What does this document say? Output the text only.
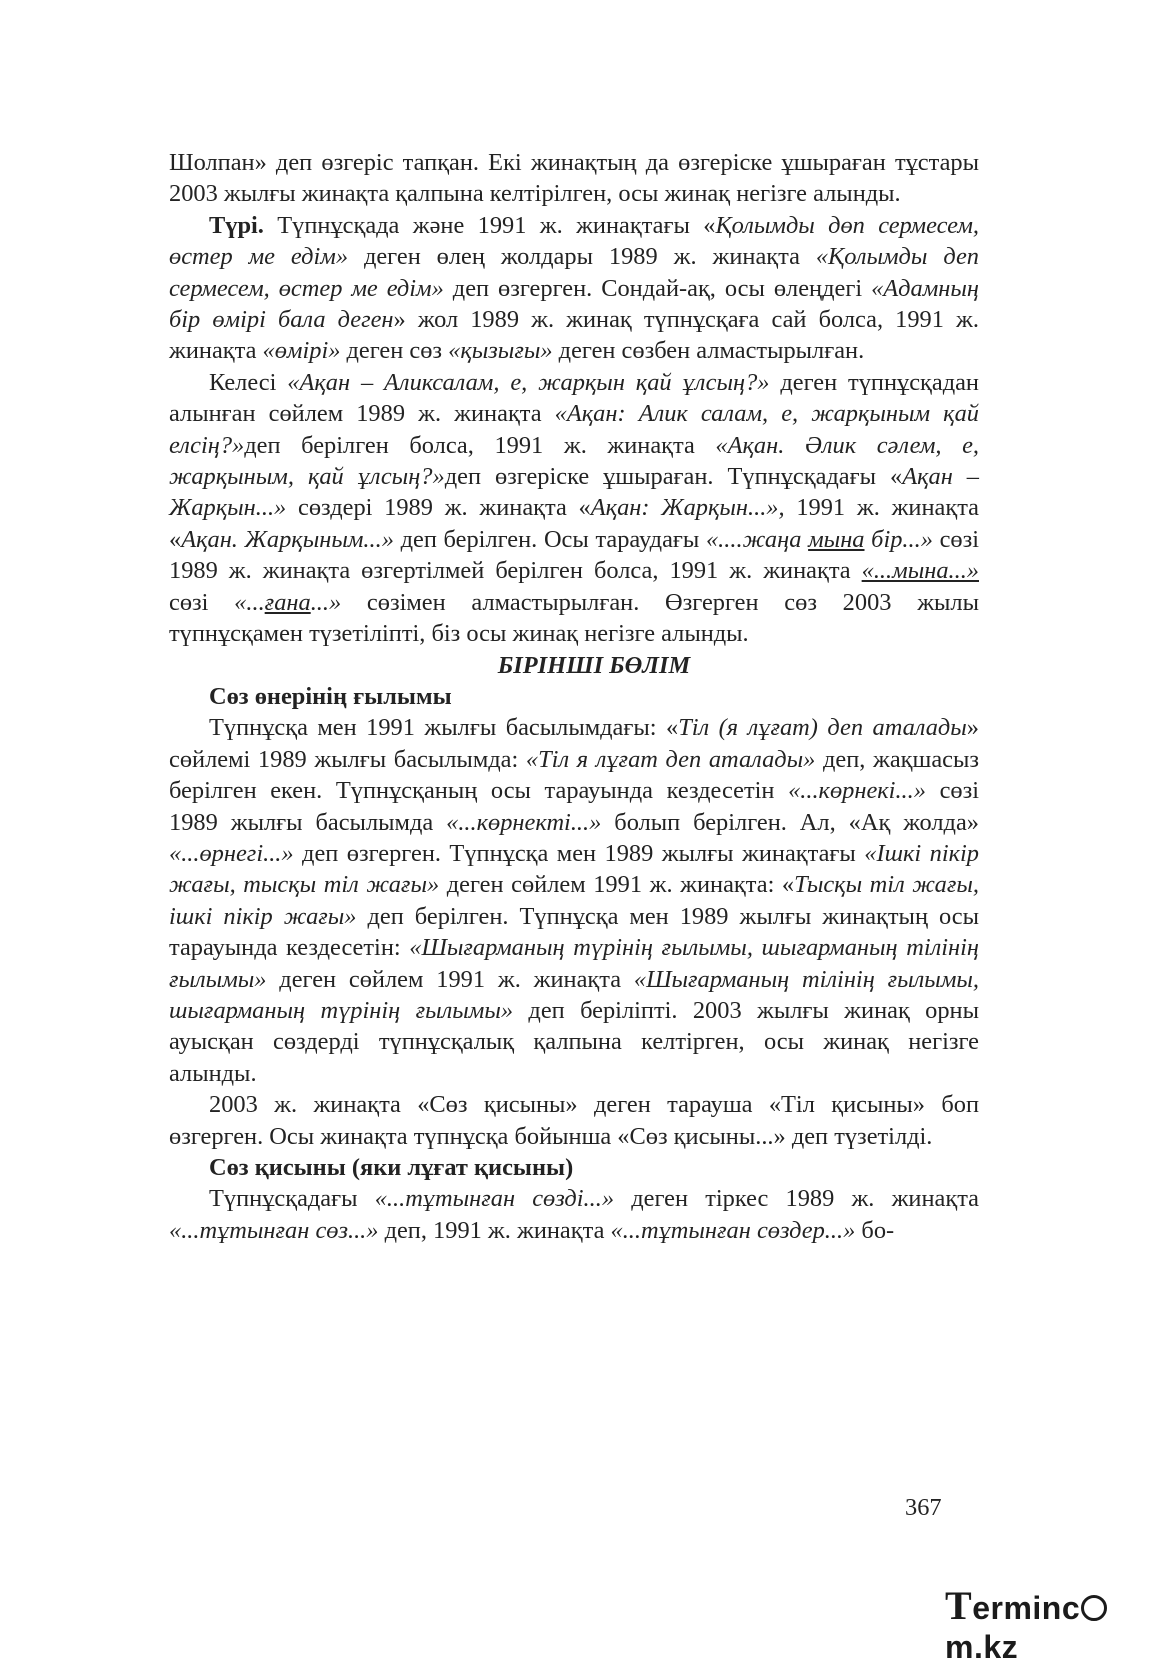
Шолпан» деп өзгеріс тапқан. Екі жинақтың да өзгеріске ұшыраған тұстары 2003 жылғы жинақта қалпына келтірілген, осы жинақ негізге алынды.

Түрі. Түпнұсқада және 1991 ж. жинақтағы «Қолымды дөп сермесем, өстер ме едім» деген өлең жолдары 1989 ж. жинақта «Қолымды деп сермесем, өстер ме едім» деп өзгерген. Сондай-ақ, осы өлеңдегі «Адамның бір өмірі бала деген» жол 1989 ж. жинақ түпнұсқаға сай болса, 1991 ж. жинақта «өмірі» деген сөз «қызығы» деген сөзбен алмастырылған.

Келесі «Ақан – Аликсалам, е, жарқын қай ұлсың?» деген түпнұсқадан алынған сөйлем 1989 ж. жинақта «Ақан: Алик салам, е, жарқыным қай елсің?»деп берілген болса, 1991 ж. жинақта «Ақан. Әлик сәлем, е, жарқыным, қай ұлсың?»деп өзгеріске ұшыраған. Түпнұсқадағы «Ақан – Жарқын...» сөздері 1989 ж. жинақта «Ақан: Жарқын...», 1991 ж. жинақта «Ақан. Жарқыным...» деп берілген. Осы тараудағы «....жаңа мына бір...» сөзі 1989 ж. жинақта өзгертілмей берілген болса, 1991 ж. жинақта «...мына...» сөзі «...ғана...» сөзімен алмастырылған. Өзгерген сөз 2003 жылы түпнұсқамен түзетіліпті, біз осы жинақ негізге алынды.

БІРІНШІ БӨЛІМ

Сөз өнерінің ғылымы

Түпнұсқа мен 1991 жылғы басылымдағы: «Тіл (я лұғат) деп аталады» сөйлемі 1989 жылғы басылымда: «Тіл я лұғат деп аталады» деп, жақшасыз берілген екен. Түпнұсқаның осы тарауында кездесетін «...көрнекі...» сөзі 1989 жылғы басылымда «...көрнекті...» болып берілген. Ал, «Ақ жолда» «...өрнегі...» деп өзгерген. Түпнұсқа мен 1989 жылғы жинақтағы «Ішкі пікір жағы, тысқы тіл жағы» деген сөйлем 1991 ж. жинақта: «Тысқы тіл жағы, ішкі пікір жағы» деп берілген. Түпнұсқа мен 1989 жылғы жинақтың осы тарауында кездесетін: «Шығарманың түрінің ғылымы, шығарманың тілінің ғылымы» деген сөйлем 1991 ж. жинақта «Шығарманың тілінің ғылымы, шығарманың түрінің ғылымы» деп беріліпті. 2003 жылғы жинақ орны ауысқан сөздерді түпнұсқалық қалпына келтірген, осы жинақ негізге алынды.

2003 ж. жинақта «Сөз қисыны» деген тарауша «Тіл қисыны» боп өзгерген. Осы жинақта түпнұсқа бойынша «Сөз қисыны...» деп түзетілді.

Сөз қисыны (яки лұғат қисыны)

Түпнұсқадағы «...тұтынған сөзді...» деген тіркес 1989 ж. жинақта «...тұтынған сөз...» деп, 1991 ж. жинақта «...тұтынған сөздер...» бо-

367
Termincm.kz
